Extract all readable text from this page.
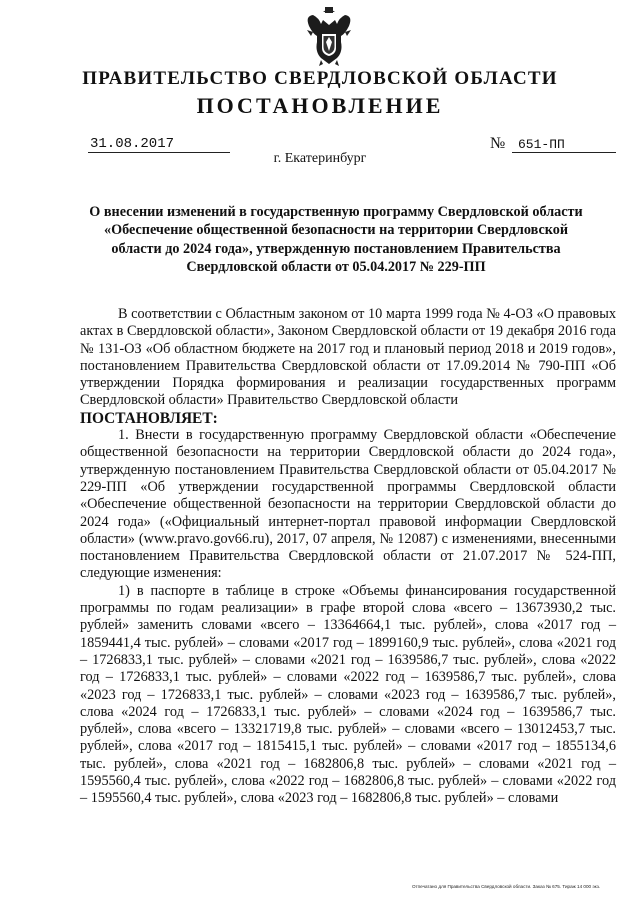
ПРАВИТЕЛЬСТВО СВЕРДЛОВСКОЙ ОБЛАСТИ
ПОСТАНОВЛЕНИЕ
31.08.2017	№ 651-ПП
г. Екатеринбург
О внесении изменений в государственную программу Свердловской области «Обеспечение общественной безопасности на территории Свердловской области до 2024 года», утвержденную постановлением Правительства Свердловской области от 05.04.2017 № 229-ПП

В соответствии с Областным законом от 10 марта 1999 года № 4-ОЗ «О правовых актах в Свердловской области», Законом Свердловской области от 19 декабря 2016 года № 131-ОЗ «Об областном бюджете на 2017 год и плановый период 2018 и 2019 годов», постановлением Правительства Свердловской области от 17.09.2014 № 790-ПП «Об утверждении Порядка формирования и реализации государственных программ Свердловской области» Правительство Свердловской области

ПОСТАНОВЛЯЕТ:

1. Внести в государственную программу Свердловской области «Обеспечение общественной безопасности на территории Свердловской области до 2024 года», утвержденную постановлением Правительства Свердловской области от 05.04.2017 № 229-ПП «Об утверждении государственной программы Свердловской области «Обеспечение общественной безопасности на территории Свердловской области до 2024 года» («Официальный интернет-портал правовой информации Свердловской области» (www.pravo.gov66.ru), 2017, 07 апреля, № 12087) с изменениями, внесенными постановлением Правительства Свердловской области от 21.07.2017 № 524-ПП, следующие изменения:

1) в паспорте в таблице в строке «Объемы финансирования государственной программы по годам реализации» в графе второй слова «всего – 13673930,2 тыс. рублей» заменить словами «всего – 13364664,1 тыс. рублей», слова «2017 год – 1859441,4 тыс. рублей» – словами «2017 год – 1899160,9 тыс. рублей», слова «2021 год – 1726833,1 тыс. рублей» – словами «2021 год – 1639586,7 тыс. рублей», слова «2022 год – 1726833,1 тыс. рублей» – словами «2022 год – 1639586,7 тыс. рублей», слова «2023 год – 1726833,1 тыс. рублей» – словами «2023 год – 1639586,7 тыс. рублей», слова «2024 год – 1726833,1 тыс. рублей» – словами «2024 год – 1639586,7 тыс. рублей», слова «всего – 13321719,8 тыс. рублей» – словами «всего – 13012453,7 тыс. рублей», слова «2017 год – 1815415,1 тыс. рублей» – словами «2017 год – 1855134,6 тыс. рублей», слова «2021 год – 1682806,8 тыс. рублей» – словами «2021 год – 1595560,4 тыс. рублей», слова «2022 год – 1682806,8 тыс. рублей» – словами «2022 год – 1595560,4 тыс. рублей», слова «2023 год – 1682806,8 тыс. рублей» – словами

Отпечатано для Правительства Свердловской области. Заказ № 675. Тираж 14 000 экз.
